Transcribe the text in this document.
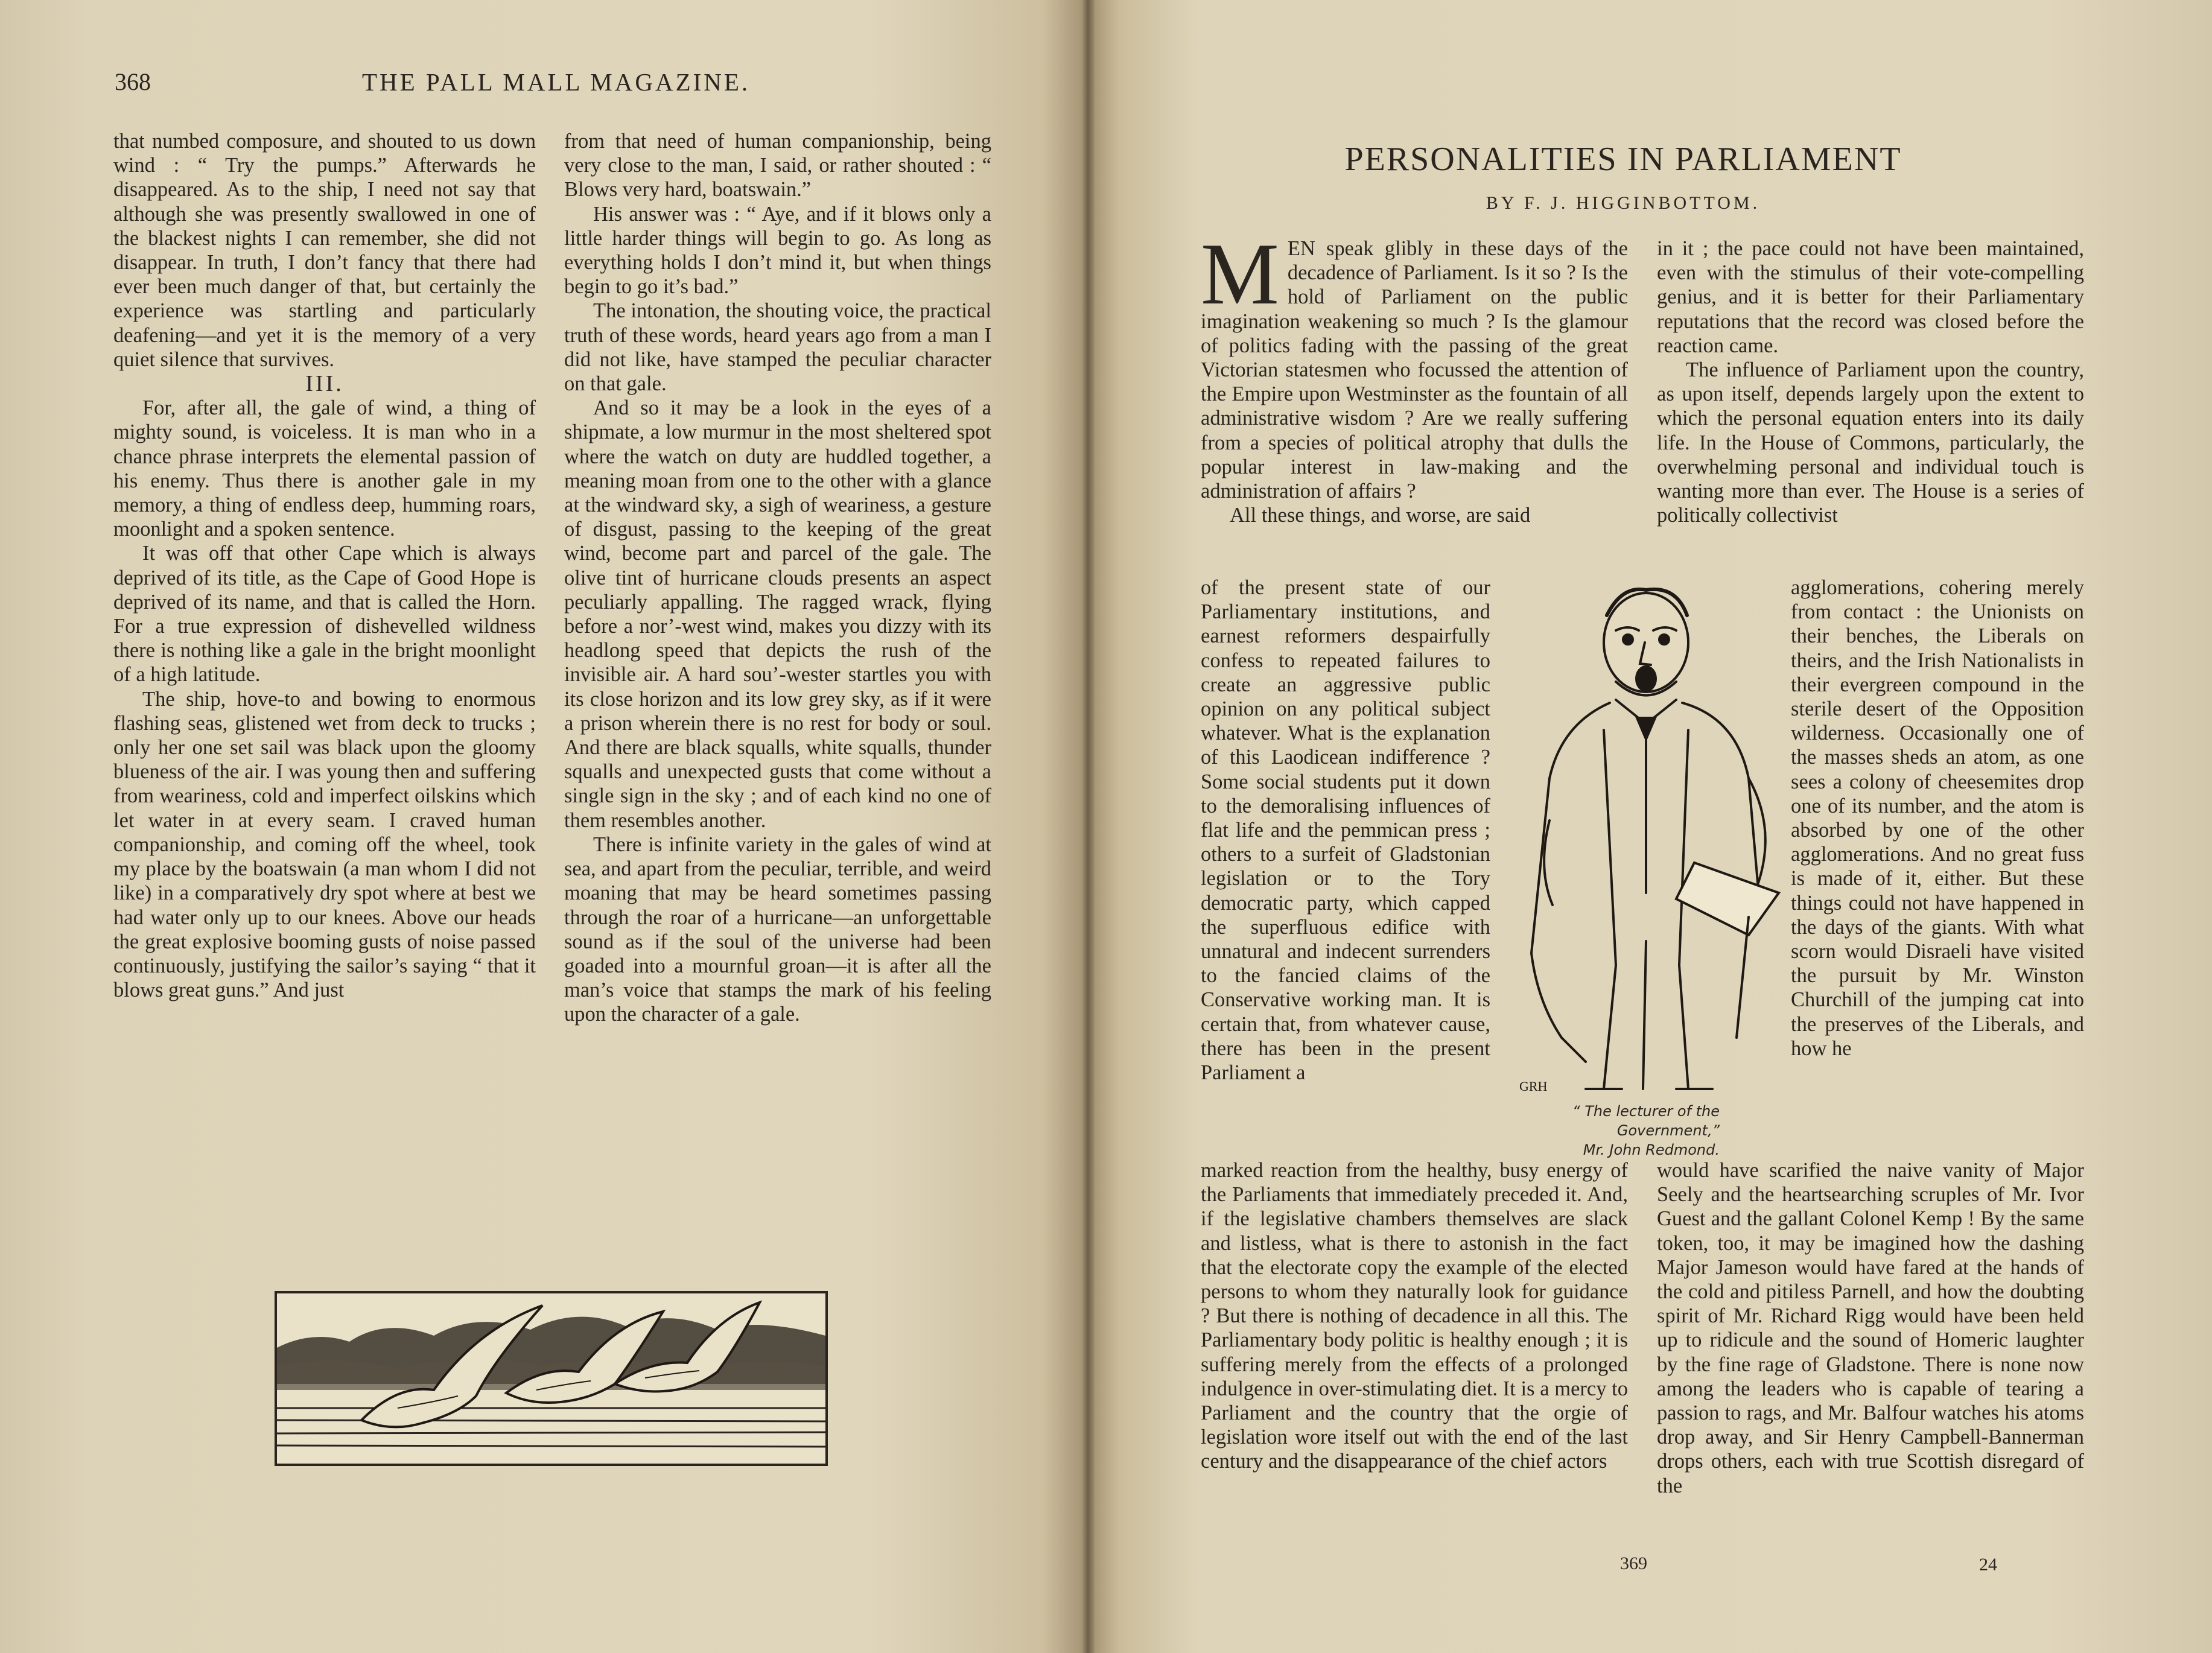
368	THE PALL MALL MAGAZINE.

that numbed composure, and shouted to us down wind : “ Try the pumps.” Afterwards he disappeared. As to the ship, I need not say that although she was presently swallowed in one of the blackest nights I can remember, she did not disappear. In truth, I don’t fancy that there had ever been much danger of that, but certainly the experience was startling and particularly deafening—and yet it is the memory of a very quiet silence that survives.

III.

For, after all, the gale of wind, a thing of mighty sound, is voiceless. It is man who in a chance phrase interprets the elemental passion of his enemy. Thus there is another gale in my memory, a thing of endless deep, humming roars, moonlight and a spoken sentence.

It was off that other Cape which is always deprived of its title, as the Cape of Good Hope is deprived of its name, and that is called the Horn. For a true expression of dishevelled wildness there is nothing like a gale in the bright moonlight of a high latitude.

The ship, hove-to and bowing to enormous flashing seas, glistened wet from deck to trucks ; only her one set sail was black upon the gloomy blueness of the air. I was young then and suffering from weariness, cold and imperfect oilskins which let water in at every seam. I craved human companionship, and coming off the wheel, took my place by the boatswain (a man whom I did not like) in a comparatively dry spot where at best we had water only up to our knees. Above our heads the great explosive booming gusts of noise passed continuously, justifying the sailor’s saying “ that it blows great guns.” And just

from that need of human companionship, being very close to the man, I said, or rather shouted : “ Blows very hard, boatswain.”

His answer was : “ Aye, and if it blows only a little harder things will begin to go. As long as everything holds I don’t mind it, but when things begin to go it’s bad.”

The intonation, the shouting voice, the practical truth of these words, heard years ago from a man I did not like, have stamped the peculiar character on that gale.

And so it may be a look in the eyes of a shipmate, a low murmur in the most sheltered spot where the watch on duty are huddled together, a meaning moan from one to the other with a glance at the windward sky, a sigh of weariness, a gesture of disgust, passing to the keeping of the great wind, become part and parcel of the gale. The olive tint of hurricane clouds presents an aspect peculiarly appalling. The ragged wrack, flying before a nor’-west wind, makes you dizzy with its headlong speed that depicts the rush of the invisible air. A hard sou’-wester startles you with its close horizon and its low grey sky, as if it were a prison wherein there is no rest for body or soul. And there are black squalls, white squalls, thunder squalls and unexpected gusts that come without a single sign in the sky ; and of each kind no one of them resembles another.

There is infinite variety in the gales of wind at sea, and apart from the peculiar, terrible, and weird moaning that may be heard sometimes passing through the roar of a hurricane—an unforgettable sound as if the soul of the universe had been goaded into a mournful groan—it is after all the man’s voice that stamps the mark of his feeling upon the character of a gale.

PERSONALITIES IN PARLIAMENT
BY F. J. HIGGINBOTTOM.

MEN speak glibly in these days of the decadence of Parliament. Is it so ? Is the hold of Parliament on the public imagination weakening so much ? Is the glamour of politics fading with the passing of the great Victorian statesmen who focussed the attention of the Empire upon Westminster as the fountain of all administrative wisdom ? Are we really suffering from a species of political atrophy that dulls the popular interest in law-making and the administration of affairs ?

All these things, and worse, are said

of the present state of our Parliamentary institutions, and earnest reformers despairfully confess to repeated failures to create an aggressive public opinion on any political subject whatever. What is the explanation of this Laodicean indifference ? Some social students put it down to the demoralising influences of flat life and the pemmican press ; others to a surfeit of Gladstonian legislation or to the Tory democratic party, which capped the superfluous edifice with unnatural and indecent surrenders to the fancied claims of the Conservative working man. It is certain that, from whatever cause, there has been in the present Parliament a

marked reaction from the healthy, busy energy of the Parliaments that immediately preceded it. And, if the legislative chambers themselves are slack and listless, what is there to astonish in the fact that the electorate copy the example of the elected persons to whom they naturally look for guidance ? But there is nothing of decadence in all this. The Parliamentary body politic is healthy enough ; it is suffering merely from the effects of a prolonged indulgence in over-stimulating diet. It is a mercy to Parliament and the country that the orgie of legislation wore itself out with the end of the last century and the disappearance of the chief actors

in it ; the pace could not have been maintained, even with the stimulus of their vote-compelling genius, and it is better for their Parliamentary reputations that the record was closed before the reaction came.

The influence of Parliament upon the country, as upon itself, depends largely upon the extent to which the personal equation enters into its daily life. In the House of Commons, particularly, the overwhelming personal and individual touch is wanting more than ever. The House is a series of politically collectivist

agglomerations, cohering merely from contact : the Unionists on their benches, the Liberals on theirs, and the Irish Nationalists in their evergreen compound in the sterile desert of the Opposition wilderness. Occasionally one of the masses sheds an atom, as one sees a colony of cheesemites drop one of its number, and the atom is absorbed by one of the other agglomerations. And no great fuss is made of it, either. But these things could not have happened in the days of the giants. With what scorn would Disraeli have visited the pursuit by Mr. Winston Churchill of the jumping cat into the preserves of the Liberals, and how he

would have scarified the naive vanity of Major Seely and the heartsearching scruples of Mr. Ivor Guest and the gallant Colonel Kemp ! By the same token, too, it may be imagined how the dashing Major Jameson would have fared at the hands of the cold and pitiless Parnell, and how the doubting spirit of Mr. Richard Rigg would have been held up to ridicule and the sound of Homeric laughter by the fine rage of Gladstone. There is none now among the leaders who is capable of tearing a passion to rags, and Mr. Balfour watches his atoms drop away, and Sir Henry Campbell-Bannerman drops others, each with true Scottish disregard of the

369	24
GRH
“ The lecturer of the Government,”
Mr. John Redmond.
